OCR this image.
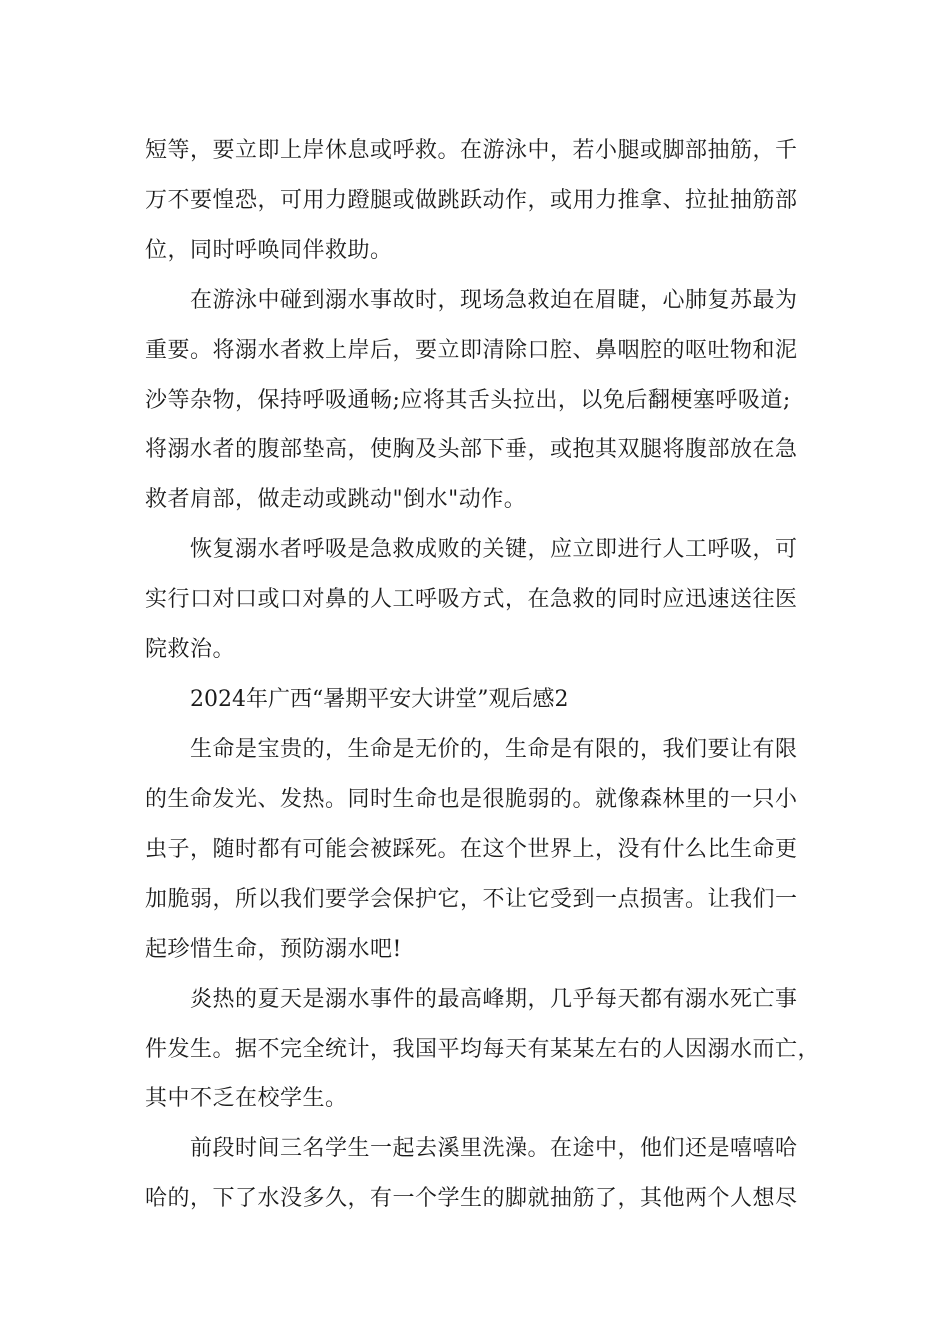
短等，要立即上岸休息或呼救。在游泳中，若小腿或脚部抽筋，千
万不要惶恐，可用力蹬腿或做跳跃动作，或用力推拿、拉扯抽筋部
位，同时呼唤同伴救助。
在游泳中碰到溺水事故时，现场急救迫在眉睫，心肺复苏最为
重要。将溺水者救上岸后，要立即清除口腔、鼻咽腔的呕吐物和泥
沙等杂物，保持呼吸通畅;应将其舌头拉出，以免后翻梗塞呼吸道;
将溺水者的腹部垫高，使胸及头部下垂，或抱其双腿将腹部放在急
救者肩部，做走动或跳动"倒水"动作。
恢复溺水者呼吸是急救成败的关键，应立即进行人工呼吸，可
实行口对口或口对鼻的人工呼吸方式，在急救的同时应迅速送往医
院救治。
2024年广西“暑期平安大讲堂”观后感2
生命是宝贵的，生命是无价的，生命是有限的，我们要让有限
的生命发光、发热。同时生命也是很脆弱的。就像森林里的一只小
虫子，随时都有可能会被踩死。在这个世界上，没有什么比生命更
加脆弱，所以我们要学会保护它，不让它受到一点损害。让我们一
起珍惜生命，预防溺水吧!
炎热的夏天是溺水事件的最高峰期，几乎每天都有溺水死亡事
件发生。据不完全统计，我国平均每天有某某左右的人因溺水而亡，
其中不乏在校学生。
前段时间三名学生一起去溪里洗澡。在途中，他们还是嘻嘻哈
哈的，下了水没多久，有一个学生的脚就抽筋了，其他两个人想尽
